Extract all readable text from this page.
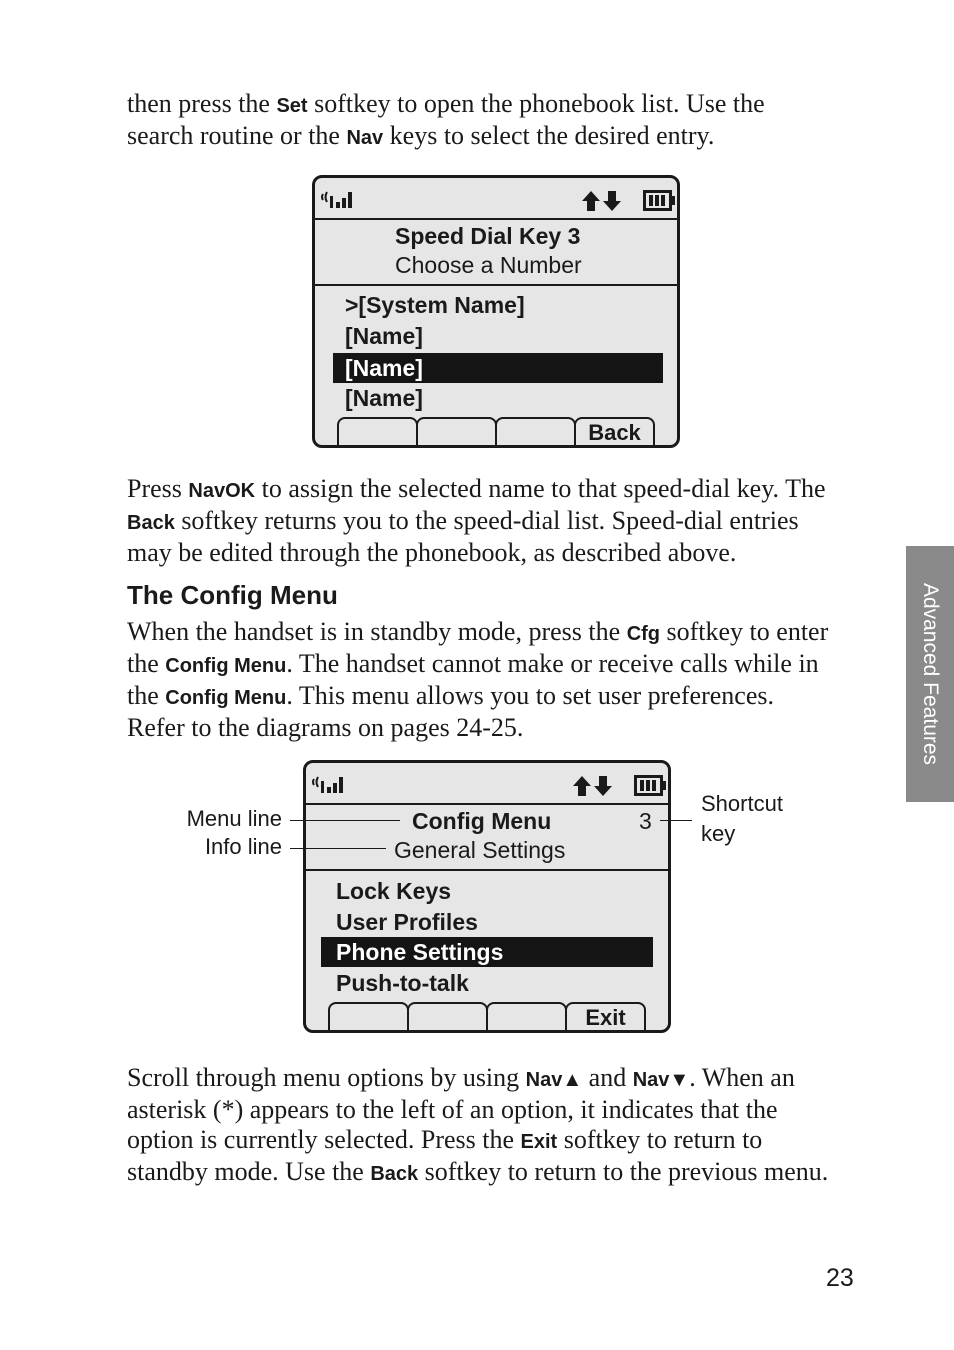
then press the Set softkey to open the phonebook list. Use the
search routine or the Nav keys to select the desired entry.
Speed Dial Key 3
Choose a Number
>[System Name]
[Name]
[Name]
[Name]
Back
Press NavOK to assign the selected name to that speed-dial key. The
Back softkey returns you to the speed-dial list. Speed-dial entries
may be edited through the phonebook, as described above.
The Config Menu
When the handset is in standby mode, press the Cfg softkey to enter
the Config Menu. The handset cannot make or receive calls while in
the Config Menu. This menu allows you to set user preferences.
Refer to the diagrams on pages 24-25.
Config Menu	3
General Settings
Lock Keys
User Profiles
Phone Settings
Push-to-talk
Exit
Menu line
Info line
Shortcut
key
Scroll through menu options by using Nav▲ and Nav▼. When an
asterisk (*) appears to the left of an option, it indicates that the
option is currently selected. Press the Exit softkey to return to
standby mode. Use the Back softkey to return to the previous menu.
Advanced Features
23
